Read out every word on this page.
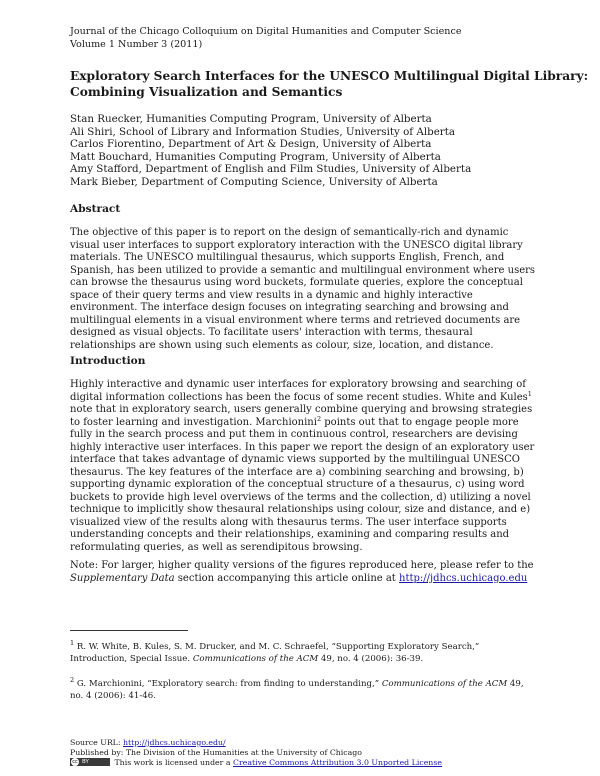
Journal of the Chicago Colloquium on Digital Humanities and Computer Science
Volume 1 Number 3 (2011)
Exploratory Search Interfaces for the UNESCO Multilingual Digital Library:
Combining Visualization and Semantics
Stan Ruecker, Humanities Computing Program, University of Alberta
Ali Shiri, School of Library and Information Studies, University of Alberta
Carlos Fiorentino, Department of Art & Design, University of Alberta
Matt Bouchard, Humanities Computing Program, University of Alberta
Amy Stafford, Department of English and Film Studies, University of Alberta
Mark Bieber, Department of Computing Science, University of Alberta
Abstract

The objective of this paper is to report on the design of semantically-rich and dynamic visual user interfaces to support exploratory interaction with the UNESCO digital library materials. The UNESCO multilingual thesaurus, which supports English, French, and Spanish, has been utilized to provide a semantic and multilingual environment where users can browse the thesaurus using word buckets, formulate queries, explore the conceptual space of their query terms and view results in a dynamic and highly interactive environment. The interface design focuses on integrating searching and browsing and multilingual elements in a visual environment where terms and retrieved documents are designed as visual objects. To facilitate users' interaction with terms, thesaural relationships are shown using such elements as colour, size, location, and distance.

Introduction

Highly interactive and dynamic user interfaces for exploratory browsing and searching of digital information collections has been the focus of some recent studies. White and Kules$^1$ note that in exploratory search, users generally combine querying and browsing strategies to foster learning and investigation. Marchionini$^2$ points out that to engage people more fully in the search process and put them in continuous control, researchers are devising highly interactive user interfaces. In this paper we report the design of an exploratory user interface that takes advantage of dynamic views supported by the multilingual UNESCO thesaurus. The key features of the interface are a) combining searching and browsing, b) supporting dynamic exploration of the conceptual structure of a thesaurus, c) using word buckets to provide high level overviews of the terms and the collection, d) utilizing a novel technique to implicitly show thesaural relationships using colour, size and distance, and e) visualized view of the results along with thesaurus terms. The user interface supports understanding concepts and their relationships, examining and comparing results and reformulating queries, as well as serendipitous browsing.

Note: For larger, higher quality versions of the figures reproduced here, please refer to the
Supplementary Data section accompanying this article online at http://jdhcs.uchicago.edu

$^1$ R. W. White, B. Kules, S. M. Drucker, and M. C. Schraefel, “Supporting Exploratory Search,” Introduction, Special Issue. Communications of the ACM 49, no. 4 (2006): 36-39.

$^2$ G. Marchionini, “Exploratory search: from finding to understanding,” Communications of the ACM 49, no. 4 (2006): 41-46.

Source URL: http://jdhcs.uchicago.edu/
Published by: The Division of the Humanities at the University of Chicago
cc BY	This work is licensed under a Creative Commons Attribution 3.0 Unported License
